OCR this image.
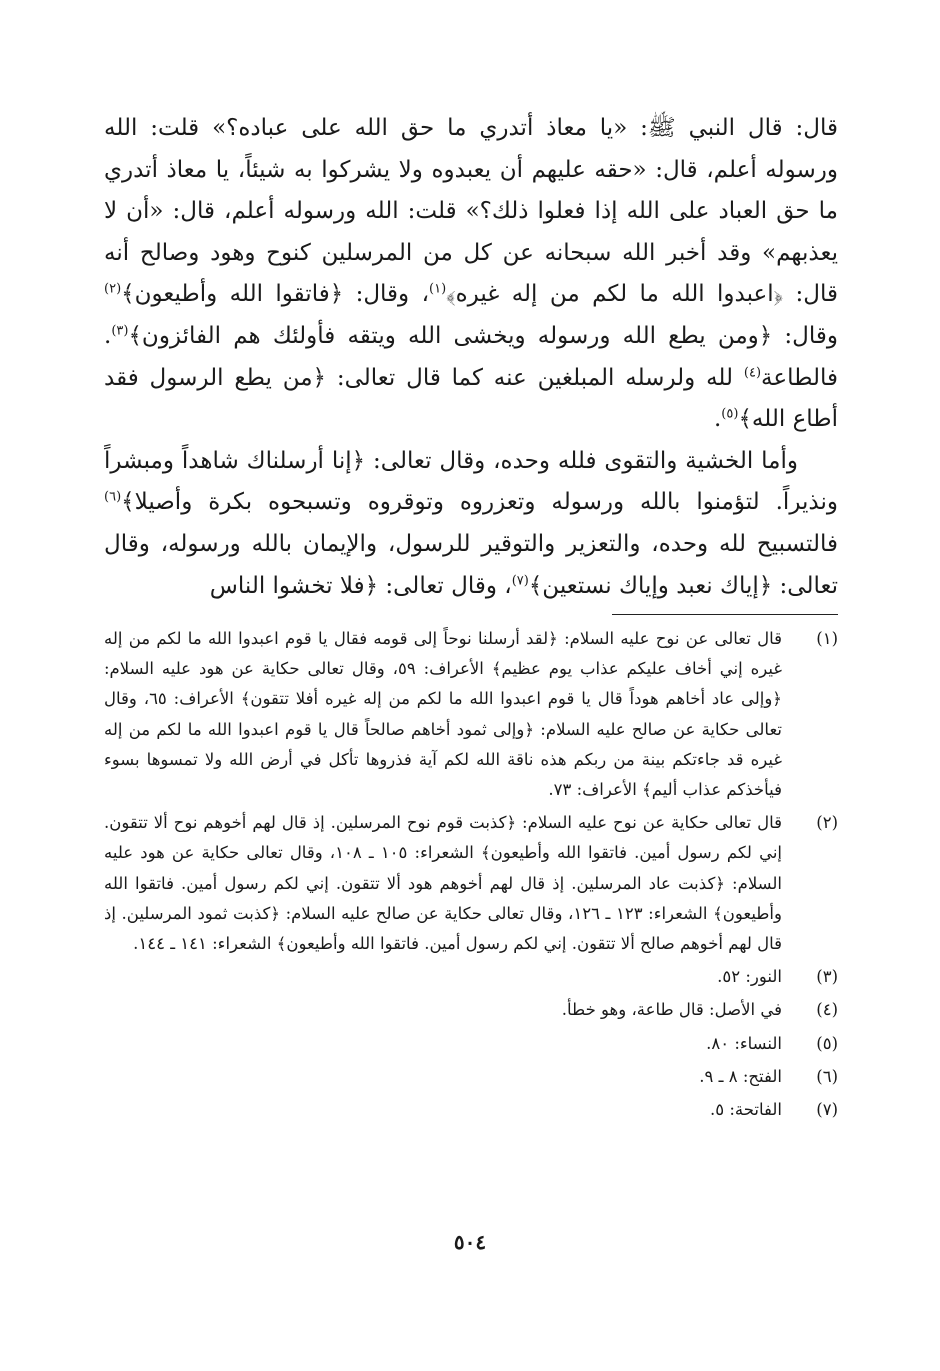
قال: قال النبي ﷺ: «يا معاذ أتدري ما حق الله على عباده؟» قلت: الله ورسوله أعلم، قال: «حقه عليهم أن يعبدوه ولا يشركوا به شيئاً، يا معاذ أتدري ما حق العباد على الله إذا فعلوا ذلك؟» قلت: الله ورسوله أعلم، قال: «أن لا يعذبهم» وقد أخبر الله سبحانه عن كل من المرسلين كنوح وهود وصالح أنه قال: ﴿اعبدوا الله ما لكم من إله غيره﴾$^{(١)}$، وقال: ﴿فاتقوا الله وأطيعون﴾$^{(٢)}$ وقال: ﴿ومن يطع الله ورسوله ويخشى الله ويتقه فأولئك هم الفائزون﴾$^{(٣)}$. فالطاعة$^{(٤)}$ لله ولرسله المبلغين عنه كما قال تعالى: ﴿من يطع الرسول فقد أطاع الله﴾$^{(٥)}$.

وأما الخشية والتقوى فلله وحده، وقال تعالى: ﴿إنا أرسلناك شاهداً ومبشراً ونذيراً. لتؤمنوا بالله ورسوله وتعزروه وتوقروه وتسبحوه بكرة وأصيلا﴾$^{(٦)}$ فالتسبيح لله وحده، والتعزير والتوقير للرسول، والإيمان بالله ورسوله، وقال تعالى: ﴿إياك نعبد وإياك نستعين﴾$^{(٧)}$، وقال تعالى: ﴿فلا تخشوا الناس

(١)
قال تعالى عن نوح عليه السلام: ﴿لقد أرسلنا نوحاً إلى قومه فقال يا قوم اعبدوا الله ما لكم من إله غيره إني أخاف عليكم عذاب يوم عظيم﴾ الأعراف: ٥٩، وقال تعالى حكاية عن هود عليه السلام: ﴿وإلى عاد أخاهم هوداً قال يا قوم اعبدوا الله ما لكم من إله غيره أفلا تتقون﴾ الأعراف: ٦٥، وقال تعالى حكاية عن صالح عليه السلام: ﴿وإلى ثمود أخاهم صالحاً قال يا قوم اعبدوا الله ما لكم من إله غيره قد جاءتكم بينة من ربكم هذه ناقة الله لكم آية فذروها تأكل في أرض الله ولا تمسوها بسوء فيأخذكم عذاب أليم﴾ الأعراف: ٧٣.
(٢)
قال تعالى حكاية عن نوح عليه السلام: ﴿كذبت قوم نوح المرسلين. إذ قال لهم أخوهم نوح ألا تتقون. إني لكم رسول أمين. فاتقوا الله وأطيعون﴾ الشعراء: ١٠٥ ـ ١٠٨، وقال تعالى حكاية عن هود عليه السلام: ﴿كذبت عاد المرسلين. إذ قال لهم أخوهم هود ألا تتقون. إني لكم رسول أمين. فاتقوا الله وأطيعون﴾ الشعراء: ١٢٣ ـ ١٢٦، وقال تعالى حكاية عن صالح عليه السلام: ﴿كذبت ثمود المرسلين. إذ قال لهم أخوهم صالح ألا تتقون. إني لكم رسول أمين. فاتقوا الله وأطيعون﴾ الشعراء: ١٤١ ـ ١٤٤.
(٣)
النور: ٥٢.
(٤)
في الأصل: قال طاعة، وهو خطأ.
(٥)
النساء: ٨٠.
(٦)
الفتح: ٨ ـ ٩.
(٧)
الفاتحة: ٥.
٥٠٤
